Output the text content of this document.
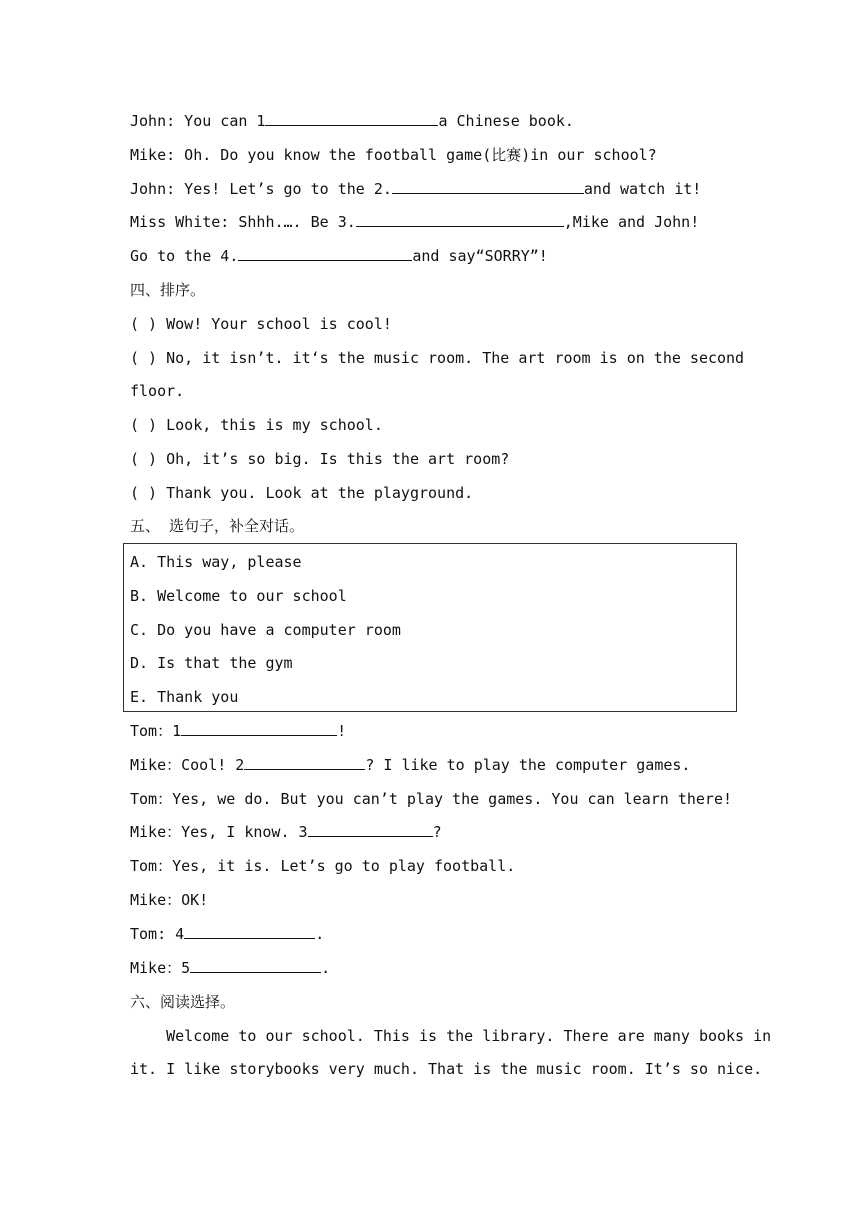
John: You can 1	a Chinese book.
Mike: Oh. Do you know the football game(比赛)in our school?
John: Yes! Let’s go to the 2.	and watch it!
Miss White: Shhh.…. Be 3.	,Mike and John!
Go to the 4.	and say“SORRY”!
四、排序。
( ) Wow! Your school is cool!
( ) No, it isn’t. it‘s the music room. The art room is on the second
floor.
( ) Look, this is my school.
( ) Oh, it’s so big. Is this the art room?
( ) Thank you. Look at the playground.
五、 选句子，补全对话。
A. This way, please
B. Welcome to our school
C. Do you have a computer room
D. Is that the gym
E. Thank you
Tom：1	!
Mike：Cool! 2	? I like to play the computer games.
Tom：Yes, we do. But you can’t play the games. You can learn there!
Mike：Yes, I know. 3	?
Tom：Yes, it is. Let’s go to play football.
Mike：OK!
Tom: 4	.
Mike：5	.
六、阅读选择。
Welcome to our school. This is the library. There are many books in
it. I like storybooks very much. That is the music room. It’s so nice.
